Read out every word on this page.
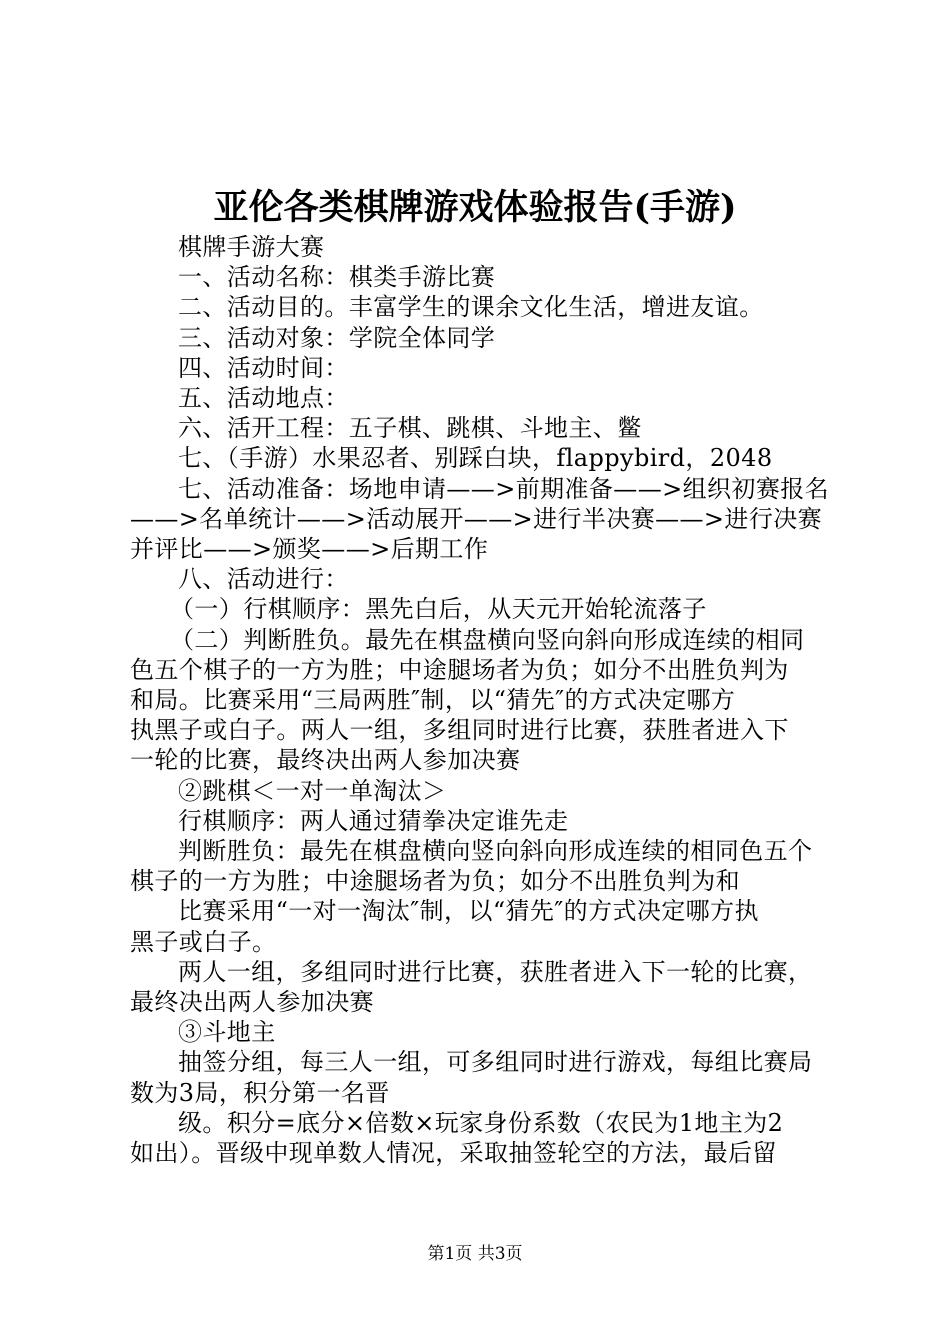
亚伦各类棋牌游戏体验报告(手游)

棋牌手游大赛

一、活动名称：棋类手游比赛

二、活动目的。丰富学生的课余文化生活，增进友谊。

三、活动对象：学院全体同学

四、活动时间：

五、活动地点：

六、活开工程：五子棋、跳棋、斗地主、鳖

七、（手游）水果忍者、别踩白块，flappybird，2048

七、活动准备：场地申请——>前期准备——>组织初赛报名

——>名单统计——>活动展开——>进行半决赛——>进行决赛

并评比——>颁奖——>后期工作

八、活动进行：

（一）行棋顺序：黑先白后，从天元开始轮流落子

（二）判断胜负。最先在棋盘横向竖向斜向形成连续的相同

色五个棋子的一方为胜；中途腿场者为负；如分不出胜负判为

和局。比赛采用“三局两胜″制，以“猜先″的方式决定哪方

执黑子或白子。两人一组，多组同时进行比赛，获胜者进入下

一轮的比赛，最终决出两人参加决赛

②跳棋＜一对一单淘汰＞

行棋顺序：两人通过猜拳决定谁先走

判断胜负：最先在棋盘横向竖向斜向形成连续的相同色五个

棋子的一方为胜；中途腿场者为负；如分不出胜负判为和

比赛采用“一对一淘汰″制，以“猜先″的方式决定哪方执

黑子或白子。

两人一组，多组同时进行比赛，获胜者进入下一轮的比赛，

最终决出两人参加决赛

③斗地主

抽签分组，每三人一组，可多组同时进行游戏，每组比赛局

数为3局，积分第一名晋

级。积分=底分×倍数×玩家身份系数（农民为1地主为2

如出）。晋级中现单数人情况，采取抽签轮空的方法，最后留

第1页 共3页
